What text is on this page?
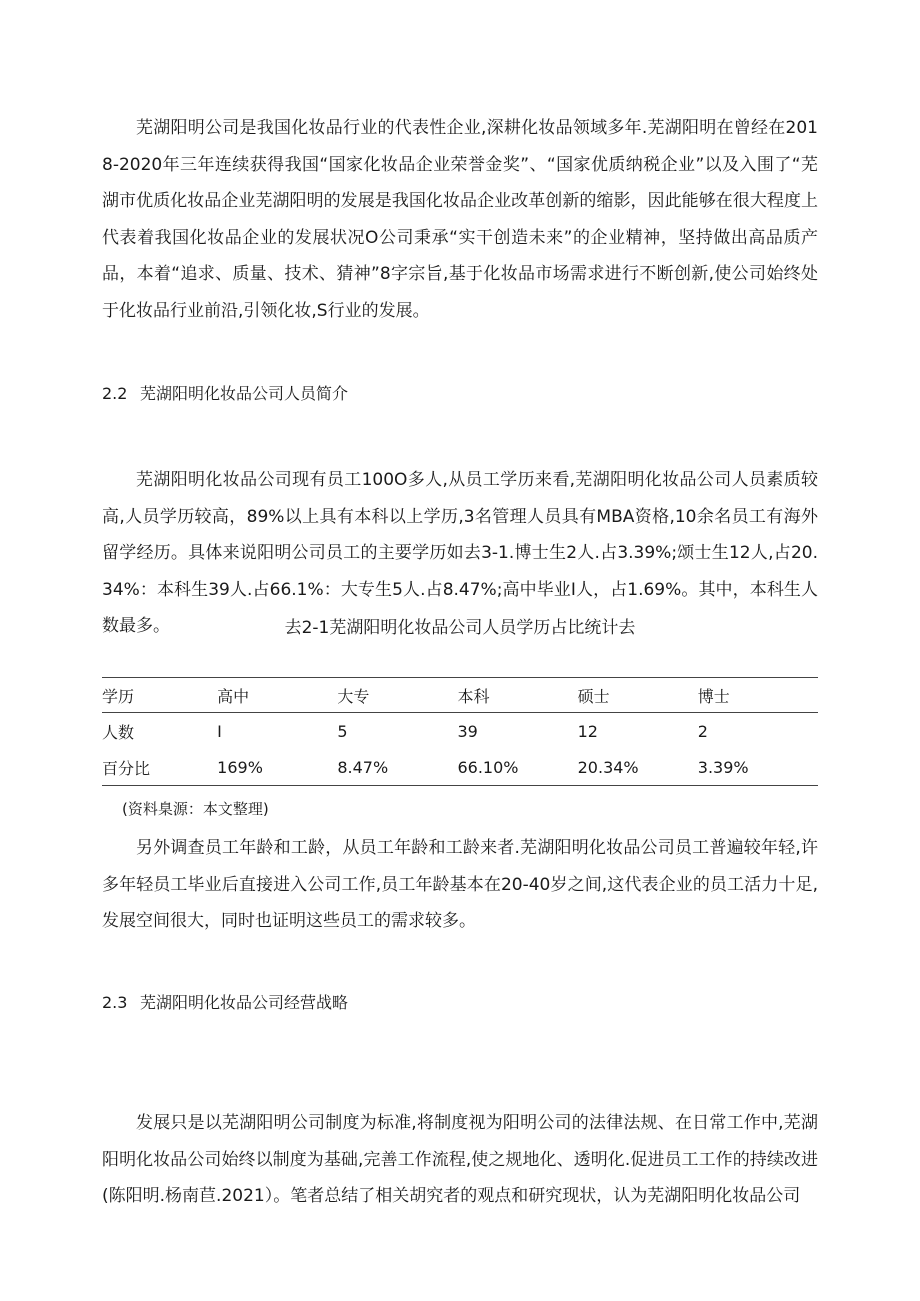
芜湖阳明公司是我国化妆品行业的代表性企业,深耕化妆品领域多年.芜湖阳明在曾经在2018-2020年三年连续获得我国“国家化妆品企业荣誉金奖”、“国家优质纳税企业”以及入围了“芜湖市优质化妆品企业芜湖阳明的发展是我国化妆品企业改革创新的缩影，因此能够在很大程度上代表着我国化妆品企业的发展状况O公司秉承“实干创造未来”的企业精神，坚持做出高品质产品，本着“追求、质量、技术、猜神”8字宗旨,基于化妆品市场需求进行不断创新,使公司始终处于化妆品行业前沿,引领化妆,S行业的发展。

2.2 芜湖阳明化妆品公司人员简介

芜湖阳明化妆品公司现有员工100O多人,从员工学历来看,芜湖阳明化妆品公司人员素质较高,人员学历较高，89%以上具有本科以上学历,3名管理人员具有MBA资格,10余名员工有海外留学经历。具体来说阳明公司员工的主要学历如去3-1.博士生2人.占3.39%;颂士生12人,占20.34%：本科生39人.占66.1%：大专生5人.占8.47%;高中毕业I人，占1.69%。其中，本科生人数最多。	去2-1芜湖阳明化妆品公司人员学历占比统计去

学历	高中	大专	本科	硕士	博士
人数	I	5	39	12	2
百分比	169%	8.47%	66.10%	20.34%	3.39%

(资料臬源：本文整理)

另外调查员工年龄和工龄，从员工年龄和工龄来者.芜湖阳明化妆品公司员工普遍较年轻,许多年轻员工毕业后直接进入公司工作,员工年龄基本在20-40岁之间,这代表企业的员工活力十足,发展空间很大，同时也证明这些员工的需求较多。

2.3 芜湖阳明化妆品公司经营战略

发展只是以芜湖阳明公司制度为标准,将制度视为阳明公司的法律法规、在日常工作中,芜湖阳明化妆品公司始终以制度为基础,完善工作流程,使之规地化、透明化.促进员工工作的持续改进(陈阳明.杨南苣.2021）。笔者总结了相关胡究者的观点和研究现状，认为芜湖阳明化妆品公司
